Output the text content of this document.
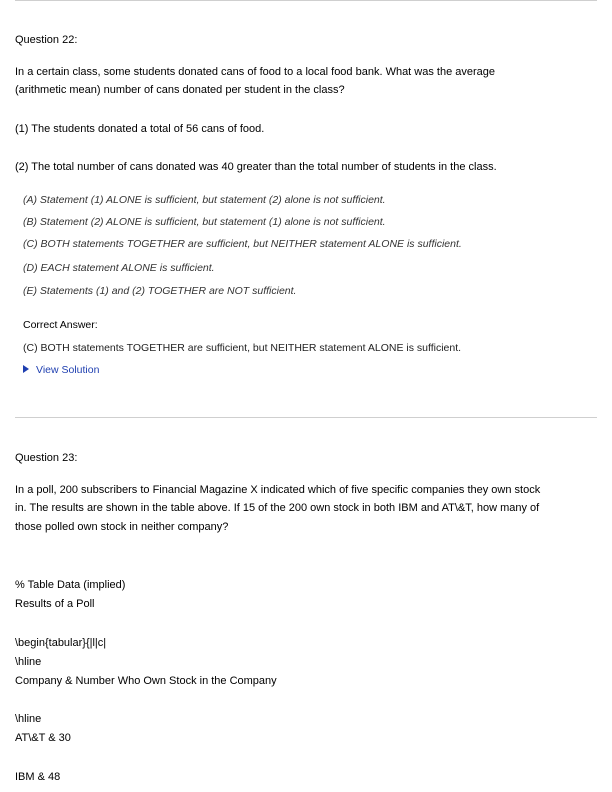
Question 22:

In a certain class, some students donated cans of food to a local food bank. What was the average

(arithmetic mean) number of cans donated per student in the class?

(1) The students donated a total of 56 cans of food.

(2) The total number of cans donated was 40 greater than the total number of students in the class.

(A) Statement (1) ALONE is sufficient, but statement (2) alone is not sufficient.
(B) Statement (2) ALONE is sufficient, but statement (1) alone is not sufficient.
(C) BOTH statements TOGETHER are sufficient, but NEITHER statement ALONE is sufficient.
(D) EACH statement ALONE is sufficient.
(E) Statements (1) and (2) TOGETHER are NOT sufficient.
Correct Answer:
(C) BOTH statements TOGETHER are sufficient, but NEITHER statement ALONE is sufficient.
View Solution

Question 23:

In a poll, 200 subscribers to Financial Magazine X indicated which of five specific companies they own stock

in. The results are shown in the table above. If 15 of the 200 own stock in both IBM and AT\&T, how many of

those polled own stock in neither company?

% Table Data (implied)

Results of a Poll

\begin{tabular}{|l|c|

\hline

Company & Number Who Own Stock in the Company

\hline

AT\&T & 30

IBM & 48
